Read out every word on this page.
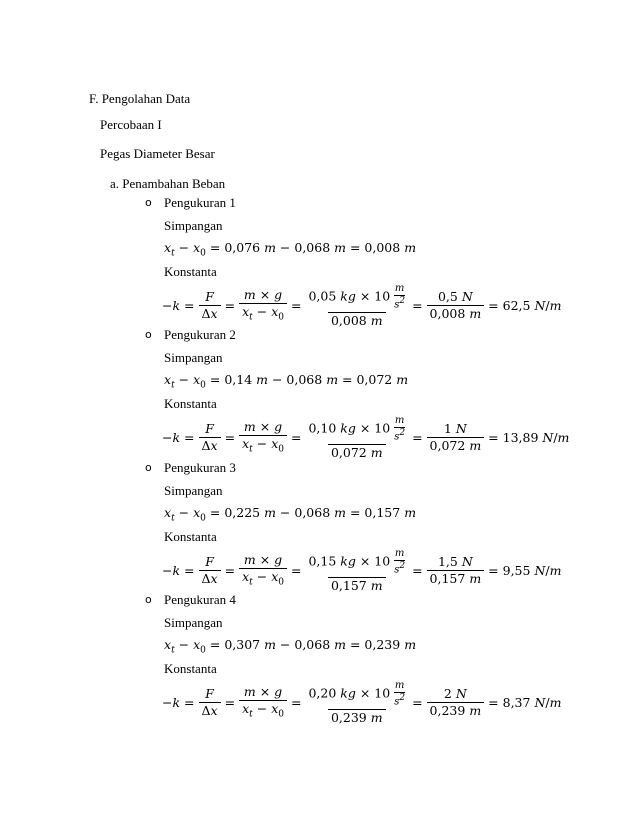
F. Pengolahan Data
Percobaan I
Pegas Diameter Besar
a. Penambahan Beban
o Pengukuran 1
Simpangan
$x_t - x_0 = 0,076$ m − 0,068 m = 0,008 m
Konstanta
$-k = \frac{F}{\Delta x} = \frac{m \times g}{x_t - x_0} = \frac{0,05 kg \times 10 \frac{m}{s^2}}{0,008 m} = \frac{0,5 N}{0,008 m} = 62,5$ N/m
o Pengukuran 2
Simpangan
$x_t - x_0 = 0,14$ m − 0,068 m = 0,072 m
Konstanta
$-k = \frac{F}{\Delta x} = \frac{m \times g}{x_t - x_0} = \frac{0,10 kg \times 10 \frac{m}{s^2}}{0,072 m} = \frac{1 N}{0,072 m} = 13,89$ N/m
o Pengukuran 3
Simpangan
$x_t - x_0 = 0,225$ m − 0,068 m = 0,157 m
Konstanta
$-k = \frac{F}{\Delta x} = \frac{m \times g}{x_t - x_0} = \frac{0,15 kg \times 10 \frac{m}{s^2}}{0,157 m} = \frac{1,5 N}{0,157 m} = 9,55$ N/m
o Pengukuran 4
Simpangan
$x_t - x_0 = 0,307$ m − 0,068 m = 0,239 m
Konstanta
$-k = \frac{F}{\Delta x} = \frac{m \times g}{x_t - x_0} = \frac{0,20 kg \times 10 \frac{m}{s^2}}{0,239 m} = \frac{2 N}{0,239 m} = 8,37$ N/m
